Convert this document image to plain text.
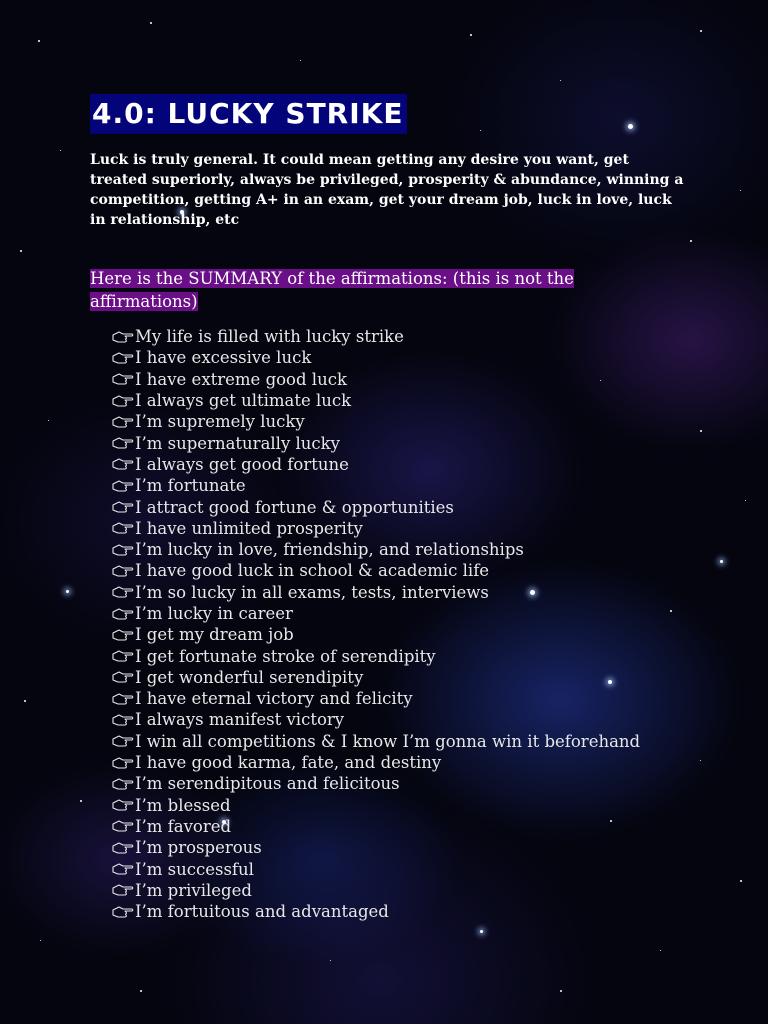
4.0: LUCKY STRIKE

Luck is truly general. It could mean getting any desire you want, get treated superiorly, always be privileged, prosperity & abundance, winning a competition, getting A+ in an exam, get your dream job, luck in love, luck in relationship, etc

Here is the SUMMARY of the affirmations: (this is not the affirmations)

My life is filled with lucky strike
I have excessive luck
I have extreme good luck
I always get ultimate luck
I’m supremely lucky
I’m supernaturally lucky
I always get good fortune
I’m fortunate
I attract good fortune & opportunities
I have unlimited prosperity
I’m lucky in love, friendship, and relationships
I have good luck in school & academic life
I’m so lucky in all exams, tests, interviews
I’m lucky in career
I get my dream job
I get fortunate stroke of serendipity
I get wonderful serendipity
I have eternal victory and felicity
I always manifest victory
I win all competitions & I know I’m gonna win it beforehand
I have good karma, fate, and destiny
I’m serendipitous and felicitous
I’m blessed
I’m favored
I’m prosperous
I’m successful
I’m privileged
I’m fortuitous and advantaged
